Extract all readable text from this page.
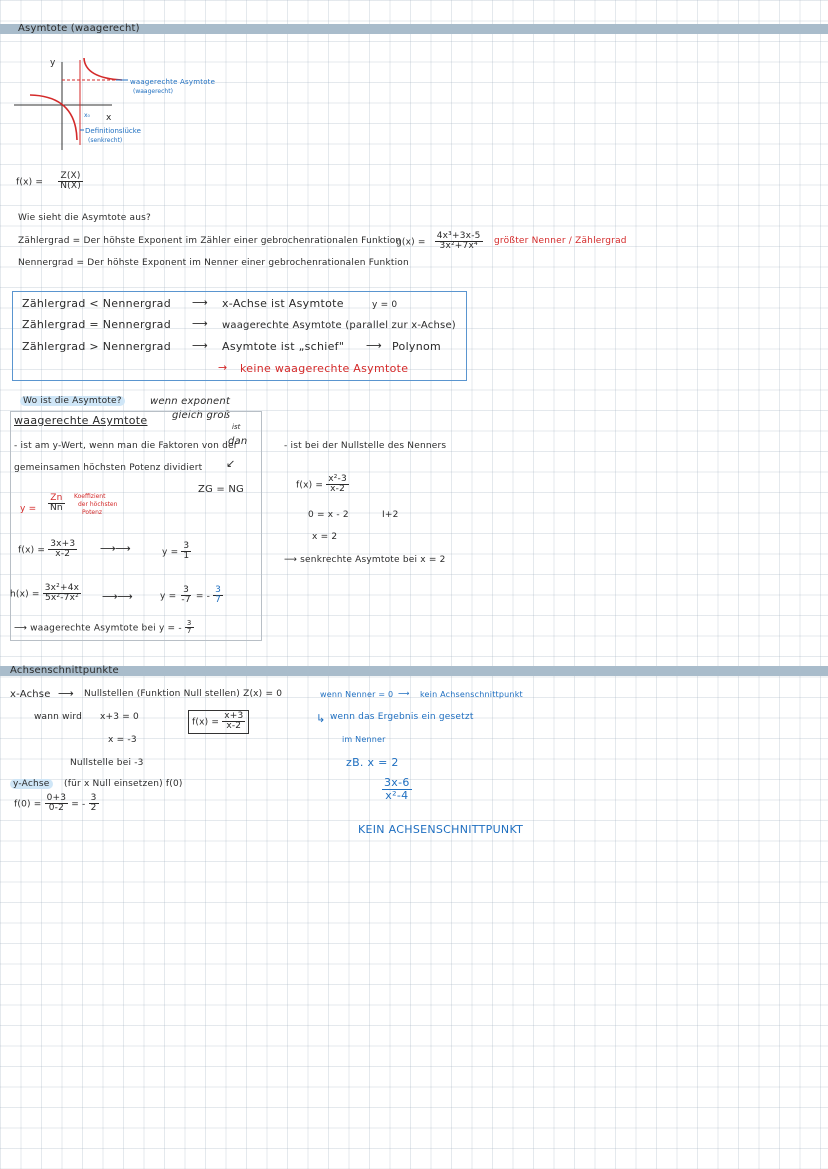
Asymtote (waagerecht)
y
x
x₀
waagerechte Asymtote
(waagerecht)
Definitionslücke
(senkrecht)
$f(x) = \frac{Z(X)}{N(X)}$
Wie sieht die Asymtote aus?
Zählergrad = Der höhste Exponent im Zähler einer gebrochenrationalen Funktion
Nennergrad = Der höhste Exponent im Nenner einer gebrochenrationalen Funktion
$g(x) = \frac{\text{4x³+3x-5}}{\text{3x²+7x⁴}}$ größter Nenner / Zählergrad
Zählergrad < Nennergrad ⟶ x-Achse ist Asymtote	y = 0
Zählergrad = Nennergrad ⟶ waagerechte Asymtote (parallel zur x-Achse)
Zählergrad > Nennergrad ⟶ Asymtote ist „schief" ⟶ Polynom
→ keine waagerechte Asymtote
Wo ist die Asymtote?	wenn exponent
gleich groß
ist
waagerechte Asymtote
- ist am y-Wert, wenn man die Faktoren von der
dan
gemeinsamen höchsten Potenz dividiert ↙
ZG = NG
$y = \frac{Zn}{Nn}$ Koeffizient
der höchsten
Potenz
$f(x) = \frac{3x+3}{x-2}$ ⟶
⟶	$y = \frac{3}{1}$
$h(x) = \frac{\text{3x²+4x}}{\text{5x²-7x²}}$ ⟶
⟶	$y = \frac{3}{-7}$ = - $\frac{3}{7}$
⟶ waagerechte Asymtote bei y = - $\frac{3}{7}$
- ist bei der Nullstelle des Nenners
$f(x) = \frac{\text{x²-3}}{x-2}$
0 = x - 2	I+2
x = 2
⟶ senkrechte Asymtote bei x = 2
Achsenschnittpunkte
x-Achse ⟶ Nullstellen (Funktion Null stellen) Z(x) = 0
wann wird x+3 = 0
$f(x) = \frac{x+3}{x-2}$
x = -3
Nullstelle bei -3
y-Achse	(für x Null einsetzen) f(0)
$f(0) = \frac{0+3}{0-2}$ = - $\frac{3}{2}$
wenn Nenner = 0 ⟶ kein Achsenschnittpunkt
↳ wenn das Ergebnis ein gesetzt
im Nenner
zB. x = 2
$\frac{3x-6}{\text{x²-4}}$
KEIN ACHSENSCHNITTPUNKT
